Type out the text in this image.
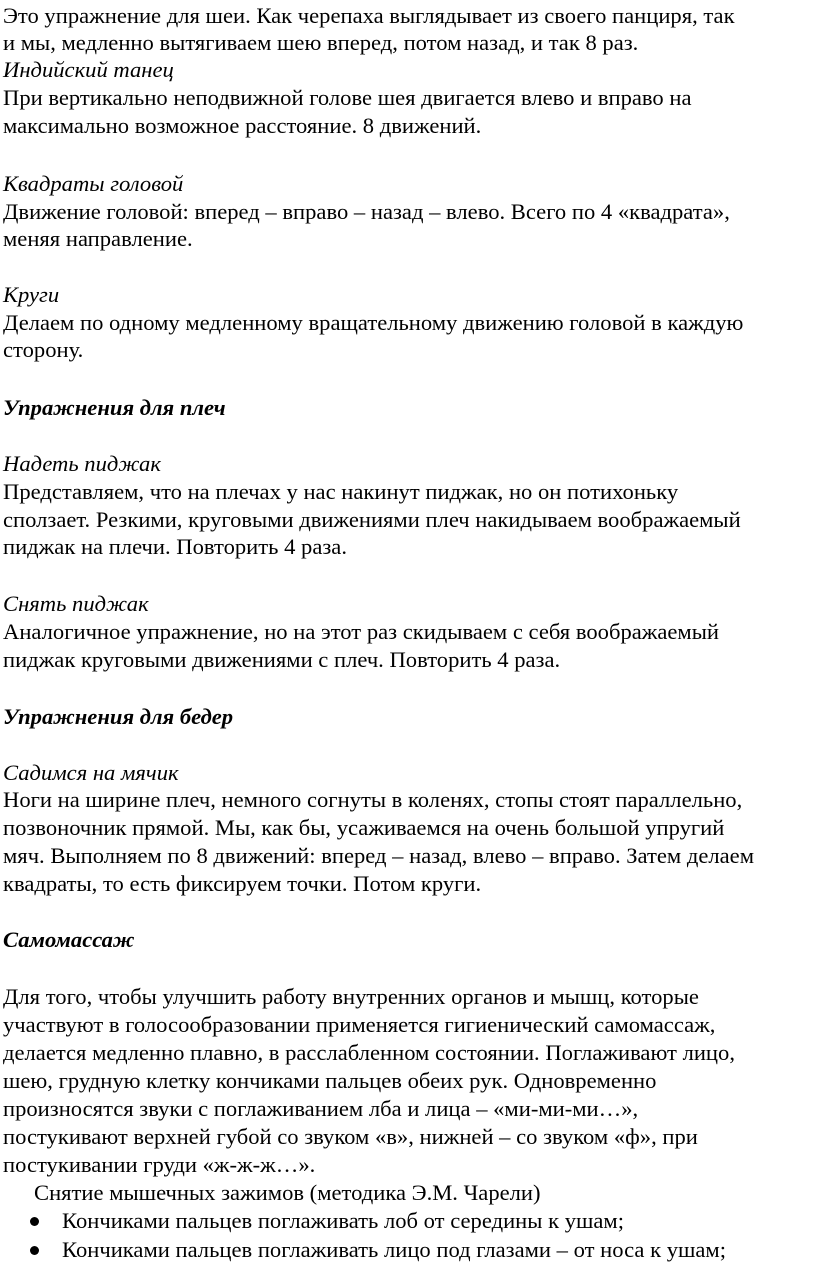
Это упражнение для шеи. Как черепаха выглядывает из своего панциря, так
и мы, медленно вытягиваем шею вперед, потом назад, и так 8 раз.
Индийский танец
При вертикально неподвижной голове шея двигается влево и вправо на
максимально возможное расстояние. 8 движений.
Квадраты головой
Движение головой: вперед – вправо – назад – влево. Всего по 4 «квадрата»,
меняя направление.
Круги
Делаем по одному медленному вращательному движению головой в каждую
сторону.
Упражнения для плеч
Надеть пиджак
Представляем, что на плечах у нас накинут пиджак, но он потихоньку
сползает. Резкими, круговыми движениями плеч накидываем воображаемый
пиджак на плечи. Повторить 4 раза.
Снять пиджак
Аналогичное упражнение, но на этот раз скидываем с себя воображаемый
пиджак круговыми движениями с плеч. Повторить 4 раза.
Упражнения для бедер
Садимся на мячик
Ноги на ширине плеч, немного согнуты в коленях, стопы стоят параллельно,
позвоночник прямой. Мы, как бы, усаживаемся на очень большой упругий
мяч. Выполняем по 8 движений: вперед – назад, влево – вправо. Затем делаем
квадраты, то есть фиксируем точки. Потом круги.
Самомассаж
Для того, чтобы улучшить работу внутренних органов и мышц, которые
участвуют в голосообразовании применяется гигиенический самомассаж,
делается медленно плавно, в расслабленном состоянии. Поглаживают лицо,
шею, грудную клетку кончиками пальцев обеих рук. Одновременно
произносятся звуки с поглаживанием лба и лица – «ми-ми-ми…»,
постукивают верхней губой со звуком «в», нижней – со звуком «ф», при
постукивании груди «ж-ж-ж…».
Снятие мышечных зажимов (методика Э.М. Чарели)
Кончиками пальцев поглаживать лоб от середины к ушам;
Кончиками пальцев поглаживать лицо под глазами – от носа к ушам;
